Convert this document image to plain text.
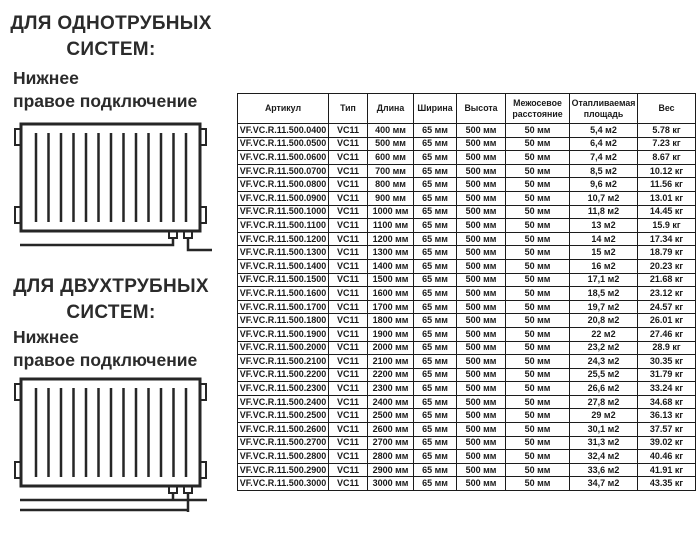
ДЛЯ ОДНОТРУБНЫХ
СИСТЕМ:
Нижнее
правое подключение
ДЛЯ ДВУХТРУБНЫХ
СИСТЕМ:
Нижнее
правое подключение
Артикул	Тип	Длина	Ширина	Высота	Межосевое расстояние	Отапливаемая площадь	Вес
VF.VC.R.11.500.0400	VC11	400 мм	65 мм	500 мм	50 мм	5,4 м2	5.78 кг
VF.VC.R.11.500.0500	VC11	500 мм	65 мм	500 мм	50 мм	6,4 м2	7.23 кг
VF.VC.R.11.500.0600	VC11	600 мм	65 мм	500 мм	50 мм	7,4 м2	8.67 кг
VF.VC.R.11.500.0700	VC11	700 мм	65 мм	500 мм	50 мм	8,5 м2	10.12 кг
VF.VC.R.11.500.0800	VC11	800 мм	65 мм	500 мм	50 мм	9,6 м2	11.56 кг
VF.VC.R.11.500.0900	VC11	900 мм	65 мм	500 мм	50 мм	10,7 м2	13.01 кг
VF.VC.R.11.500.1000	VC11	1000 мм	65 мм	500 мм	50 мм	11,8 м2	14.45 кг
VF.VC.R.11.500.1100	VC11	1100 мм	65 мм	500 мм	50 мм	13 м2	15.9 кг
VF.VC.R.11.500.1200	VC11	1200 мм	65 мм	500 мм	50 мм	14 м2	17.34 кг
VF.VC.R.11.500.1300	VC11	1300 мм	65 мм	500 мм	50 мм	15 м2	18.79 кг
VF.VC.R.11.500.1400	VC11	1400 мм	65 мм	500 мм	50 мм	16 м2	20.23 кг
VF.VC.R.11.500.1500	VC11	1500 мм	65 мм	500 мм	50 мм	17,1 м2	21.68 кг
VF.VC.R.11.500.1600	VC11	1600 мм	65 мм	500 мм	50 мм	18,5 м2	23.12 кг
VF.VC.R.11.500.1700	VC11	1700 мм	65 мм	500 мм	50 мм	19,7 м2	24.57 кг
VF.VC.R.11.500.1800	VC11	1800 мм	65 мм	500 мм	50 мм	20,8 м2	26.01 кг
VF.VC.R.11.500.1900	VC11	1900 мм	65 мм	500 мм	50 мм	22 м2	27.46 кг
VF.VC.R.11.500.2000	VC11	2000 мм	65 мм	500 мм	50 мм	23,2 м2	28.9 кг
VF.VC.R.11.500.2100	VC11	2100 мм	65 мм	500 мм	50 мм	24,3 м2	30.35 кг
VF.VC.R.11.500.2200	VC11	2200 мм	65 мм	500 мм	50 мм	25,5 м2	31.79 кг
VF.VC.R.11.500.2300	VC11	2300 мм	65 мм	500 мм	50 мм	26,6 м2	33.24 кг
VF.VC.R.11.500.2400	VC11	2400 мм	65 мм	500 мм	50 мм	27,8 м2	34.68 кг
VF.VC.R.11.500.2500	VC11	2500 мм	65 мм	500 мм	50 мм	29 м2	36.13 кг
VF.VC.R.11.500.2600	VC11	2600 мм	65 мм	500 мм	50 мм	30,1 м2	37.57 кг
VF.VC.R.11.500.2700	VC11	2700 мм	65 мм	500 мм	50 мм	31,3 м2	39.02 кг
VF.VC.R.11.500.2800	VC11	2800 мм	65 мм	500 мм	50 мм	32,4 м2	40.46 кг
VF.VC.R.11.500.2900	VC11	2900 мм	65 мм	500 мм	50 мм	33,6 м2	41.91 кг
VF.VC.R.11.500.3000	VC11	3000 мм	65 мм	500 мм	50 мм	34,7 м2	43.35 кг
